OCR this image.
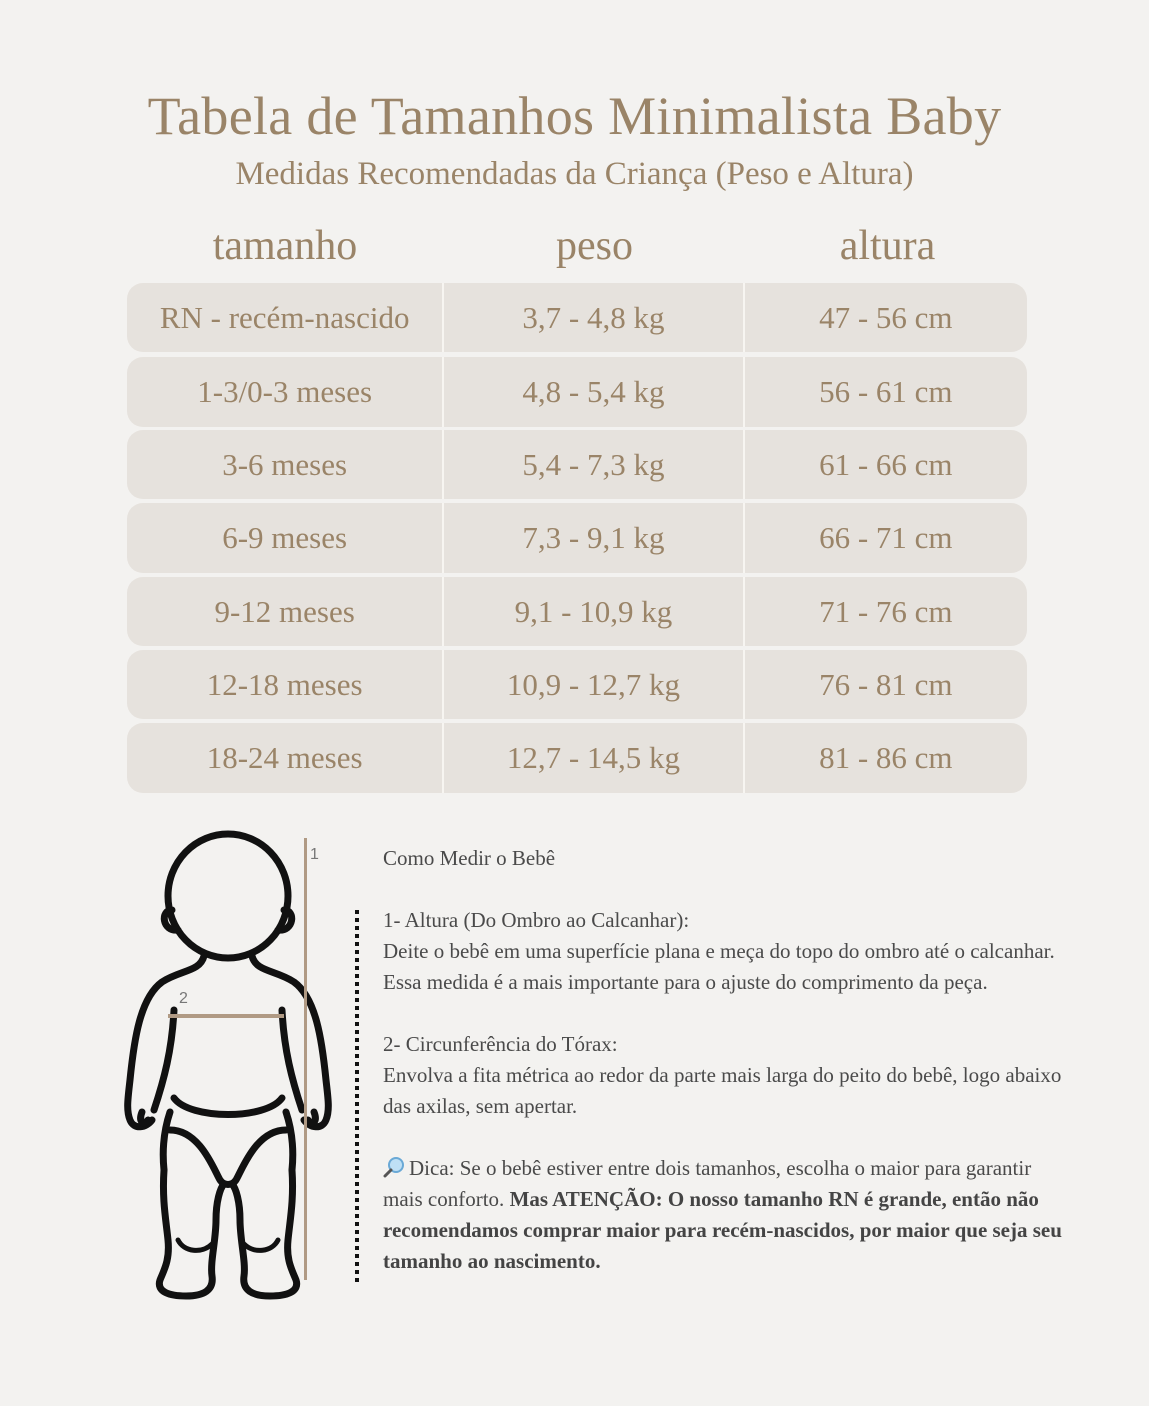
Tabela de Tamanhos Minimalista Baby
Medidas Recomendadas da Criança (Peso e Altura)
tamanho	peso	altura
RN - recém-nascido	3,7 - 4,8 kg	47 - 56 cm
1-3/0-3 meses	4,8 - 5,4 kg	56 - 61 cm
3-6 meses	5,4 - 7,3 kg	61 - 66 cm
6-9 meses	7,3 - 9,1 kg	66 - 71 cm
9-12 meses	9,1 - 10,9 kg	71 - 76 cm
12-18 meses	10,9 - 12,7 kg	76 - 81 cm
18-24 meses	12,7 - 14,5 kg	81 - 86 cm
1
2

Como Medir o Bebê

1- Altura (Do Ombro ao Calcanhar):

Deite o bebê em uma superfície plana e meça do topo do ombro até o calcanhar. Essa medida é a mais importante para o ajuste do comprimento da peça.

2- Circunferência do Tórax:

Envolva a fita métrica ao redor da parte mais larga do peito do bebê, logo abaixo das axilas, sem apertar.

Dica: Se o bebê estiver entre dois tamanhos, escolha o maior para garantir mais conforto. Mas ATENÇÃO: O nosso tamanho RN é grande, então não recomendamos comprar maior para recém-nascidos, por maior que seja seu tamanho ao nascimento.
